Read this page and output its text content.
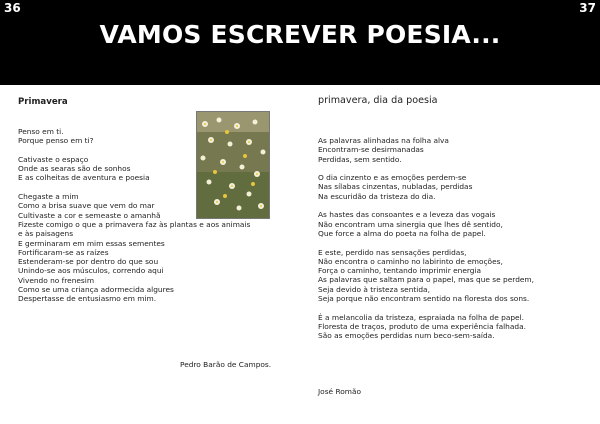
36	37
VAMOS ESCREVER POESIA...
Primavera

Penso em ti.
Porque penso em ti?

Cativaste o espaço
Onde as searas são de sonhos
E as colheitas de aventura e poesia

Chegaste a mim
Como a brisa suave que vem do mar
Cultivaste a cor e semeaste o amanhã
Fizeste comigo o que a primavera faz às plantas e aos animais
e às paisagens
E germinaram em mim essas sementes
Fortificaram-se as raízes
Estenderam-se por dentro do que sou
Unindo-se aos músculos, correndo aqui
Vivendo no frenesim
Como se uma criança adormecida algures
Despertasse de entusiasmo em mim.

Pedro Barão de Campos.
primavera, dia da poesia

As palavras alinhadas na folha alva
Encontram-se desirmanadas
Perdidas, sem sentido.

O dia cinzento e as emoções perdem-se
Nas sílabas cinzentas, nubladas, perdidas
Na escuridão da tristeza do dia.

As hastes das consoantes e a leveza das vogais
Não encontram uma sinergia que lhes dê sentido,
Que force a alma do poeta na folha de papel.

E este, perdido nas sensações perdidas,
Não encontra o caminho no labirinto de emoções,
Força o caminho, tentando imprimir energia
As palavras que saltam para o papel, mas que se perdem,
Seja devido à tristeza sentida,
Seja porque não encontram sentido na floresta dos sons.

É a melancolia da tristeza, espraiada na folha de papel.
Floresta de traços, produto de uma experiência falhada.
São as emoções perdidas num beco-sem-saída.

José Romão
